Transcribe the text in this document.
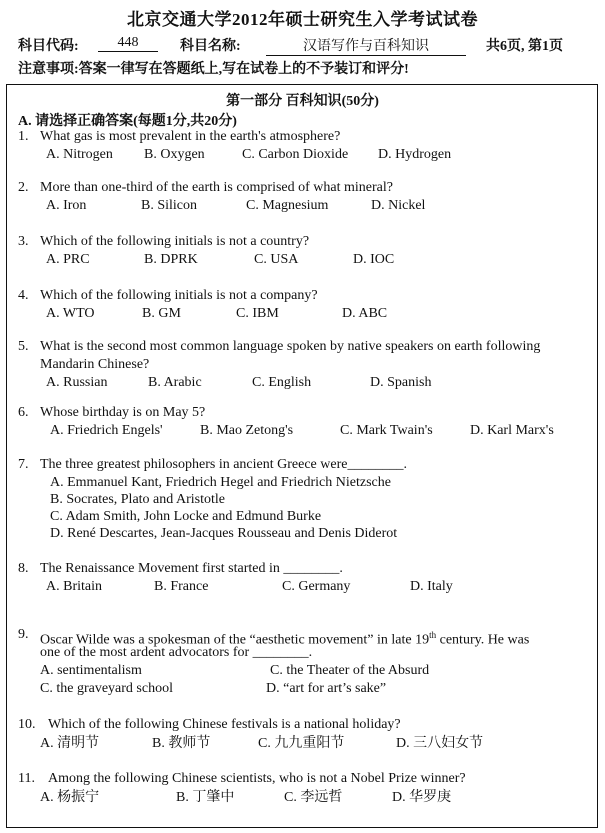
北京交通大学2012年硕士研究生入学考试试卷
科目代码:	448	科目名称:	汉语写作与百科知识	共6页, 第1页
注意事项:答案一律写在答题纸上,写在试卷上的不予装订和评分!
第一部分 百科知识(50分)
A. 请选择正确答案(每题1分,共20分)
1. What gas is most prevalent in the earth's atmosphere?
A. Nitrogen B. Oxygen	C. Carbon Dioxide D. Hydrogen
2. More than one-third of the earth is comprised of what mineral?
A. Iron	B. Silicon	C. Magnesium	D. Nickel
3. Which of the following initials is not a country?
A. PRC	B. DPRK	C. USA	D. IOC
4. Which of the following initials is not a company?
A. WTO	B. GM	C. IBM	D. ABC
5. What is the second most common language spoken by native speakers on earth following
Mandarin Chinese?
A. Russian	B. Arabic	C. English	D. Spanish
6. Whose birthday is on May 5?
A. Friedrich Engels'	B. Mao Zetong's	C. Mark Twain's	D. Karl Marx's
7. The three greatest philosophers in ancient Greece were________.
A. Emmanuel Kant, Friedrich Hegel and Friedrich Nietzsche
B. Socrates, Plato and Aristotle
C. Adam Smith, John Locke and Edmund Burke
D. René Descartes, Jean-Jacques Rousseau and Denis Diderot
8. The Renaissance Movement first started in ________.
A. Britain	B. France	C. Germany	D. Italy
9. Oscar Wilde was a spokesman of the “aesthetic movement” in late 19th century. He was
one of the most ardent advocators for ________.
A. sentimentalism	C. the Theater of the Absurd
C. the graveyard school	D. “art for art’s sake”
10. Which of the following Chinese festivals is a national holiday?
A. 清明节	B. 教师节	C. 九九重阳节	D. 三八妇女节
11. Among the following Chinese scientists, who is not a Nobel Prize winner?
A. 杨振宁	B. 丁肇中	C. 李远哲	D. 华罗庚
